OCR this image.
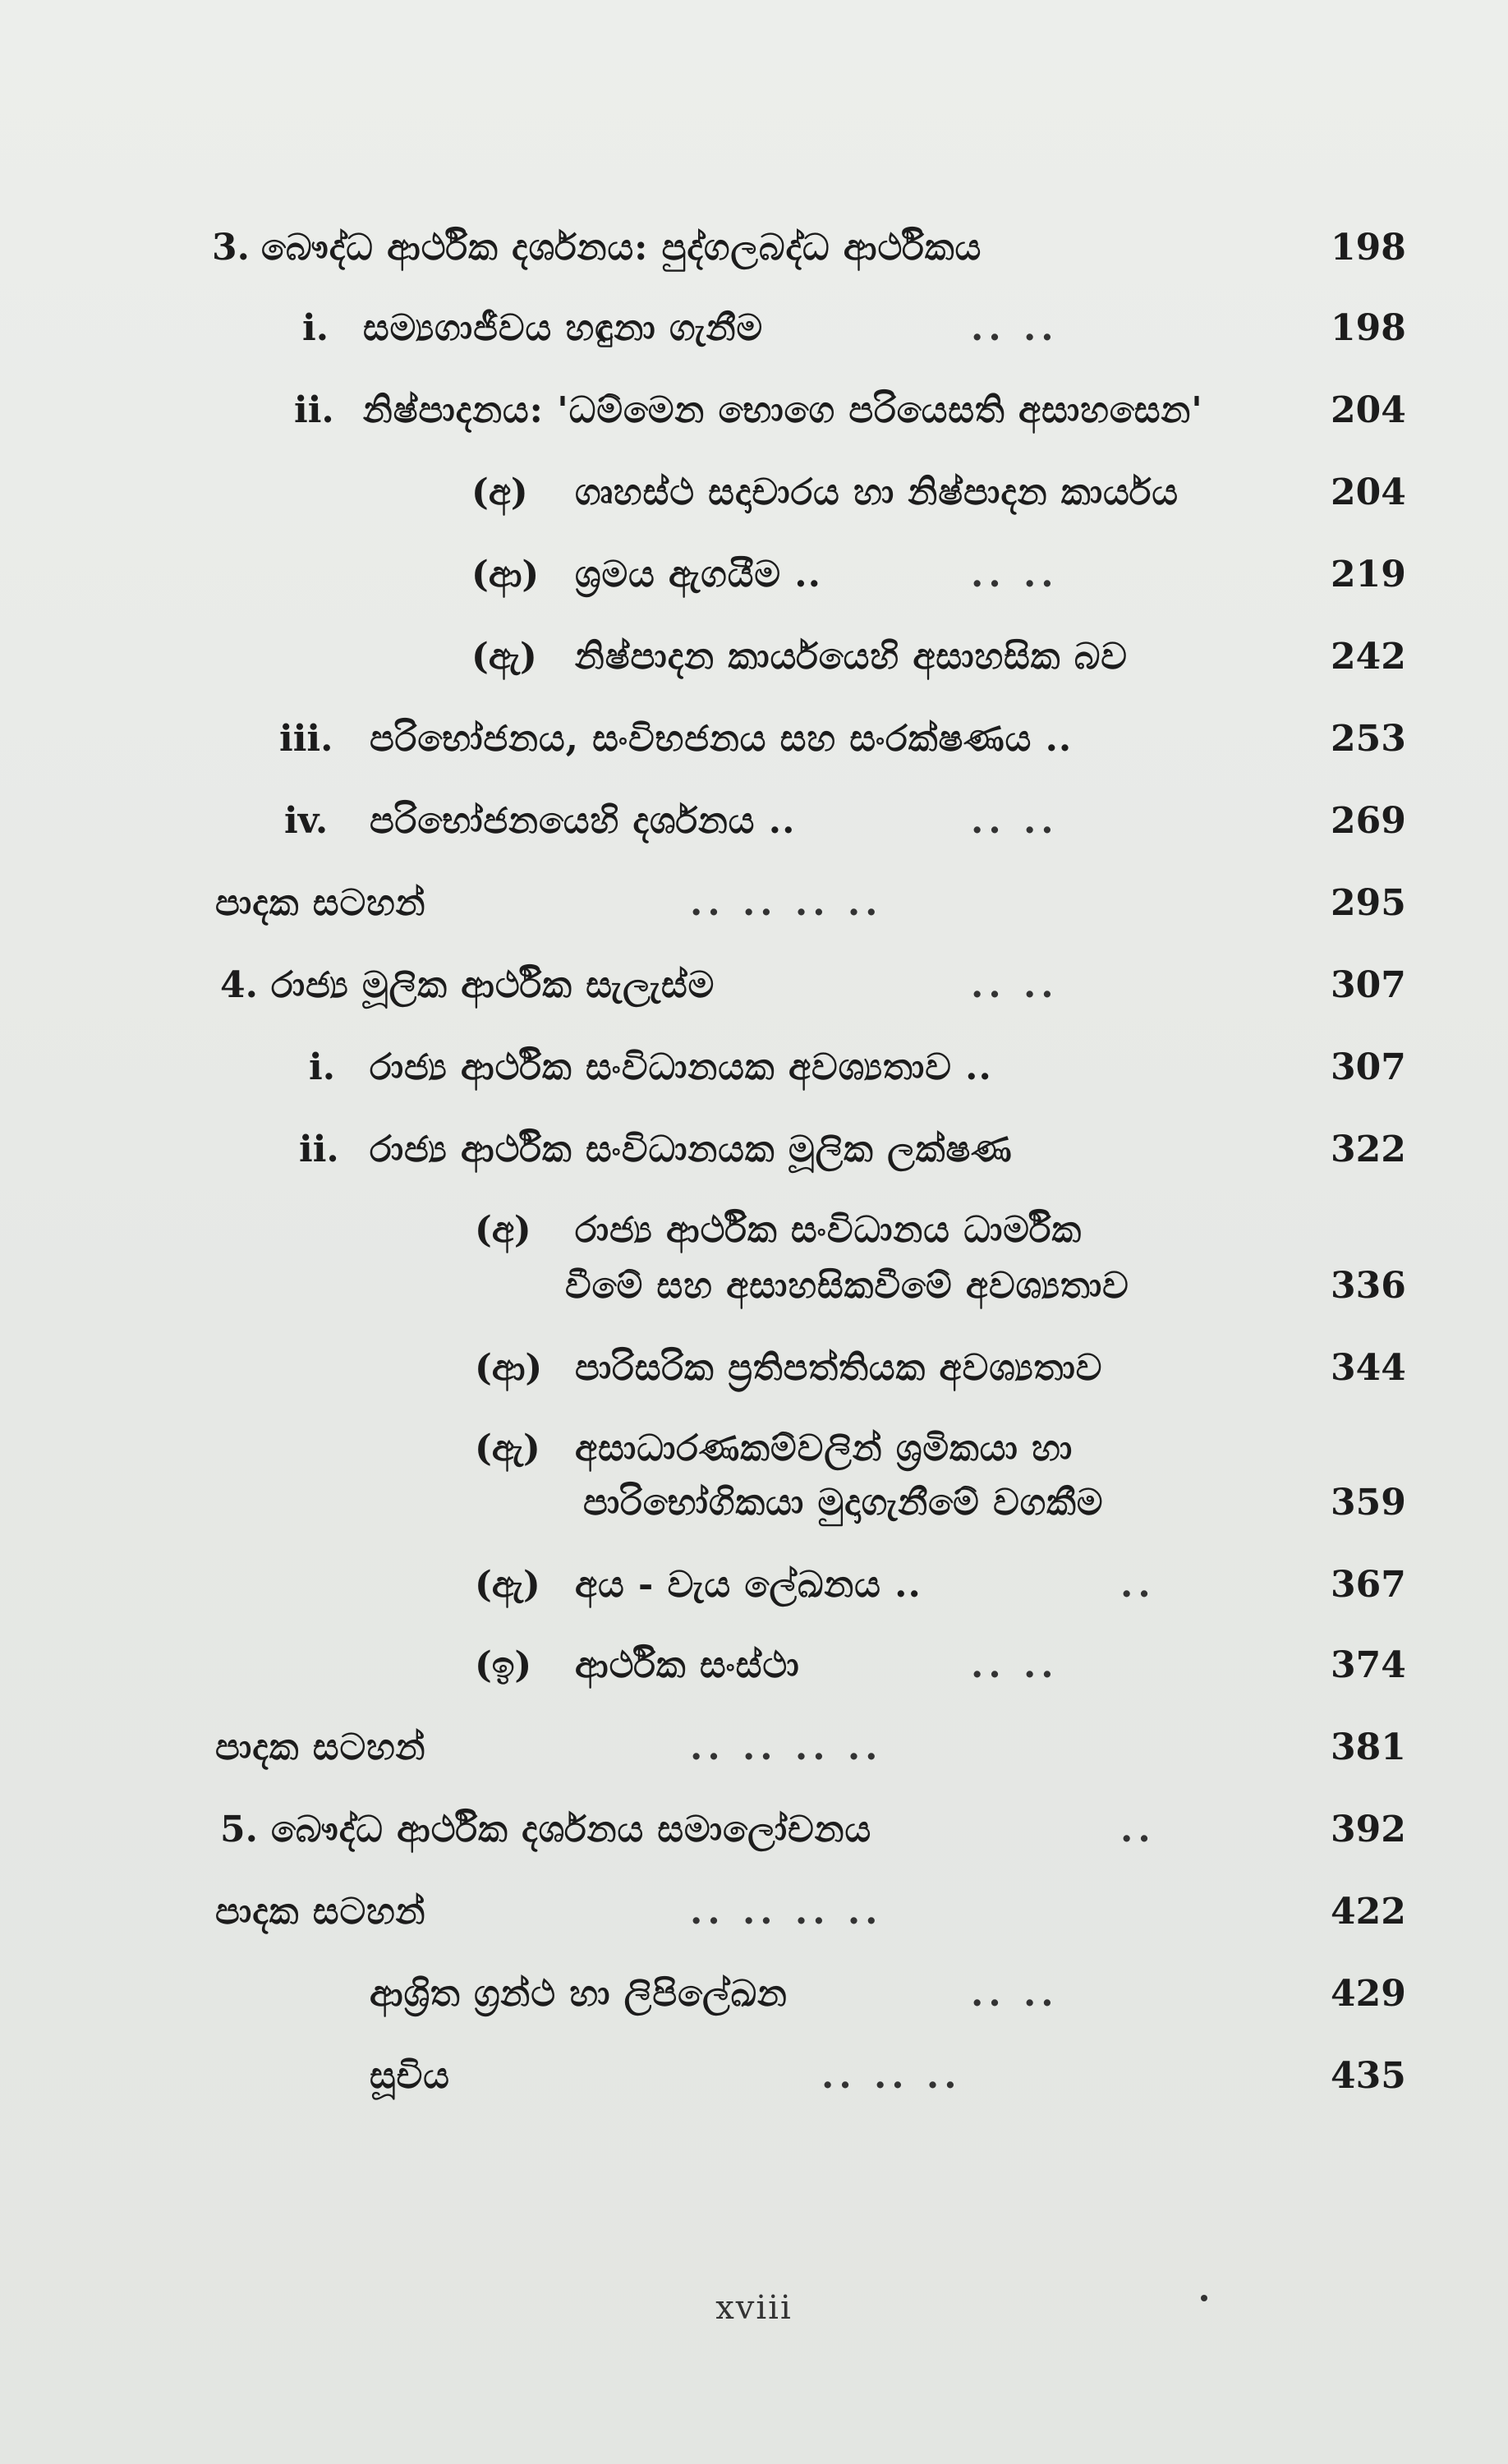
3. බෞද්ධ ආර්ථික දර්ශනය: පුද්ගලබද්ධ ආර්ථිකය	198
i. සම්‍යගාජීවය හඳුනා ගැනීම	.. ..	198
ii. නිෂ්පාදනය: 'ධම්මෙන භොගෙ පරියෙසති අසාහසෙන'	204
(අ) ගෘහස්ථ සදාචාරය හා නිෂ්පාදන කාර්යය	204
(ආ) ශ්‍රමය ඇගයීම ..	.. ..	219
(ඇ) නිෂ්පාදන කාර්යයෙහි අසාහසික බව	242
iii. පරිභෝජනය, සංවිභජනය සහ සංරක්ෂණය ..	253
iv. පරිභෝජනයෙහි දර්ශනය ..	.. ..	269
පාදක සටහන්	.. .. .. ..	295
4. රාජ්‍ය මූලික ආර්ථික සැලැස්ම	.. ..	307
i. රාජ්‍ය ආර්ථික සංවිධානයක අවශ්‍යතාව ..	307
ii. රාජ්‍ය ආර්ථික සංවිධානයක මූලික ලක්ෂණ	322
(අ) රාජ්‍ය ආර්ථික සංවිධානය ධාර්මික
වීමේ සහ අසාහසිකවීමේ අවශ්‍යතාව	336
(ආ) පාරිසරික ප්‍රතිපත්තියක අවශ්‍යතාව	344
(ඇ) අසාධාරණකම්වලින් ශ්‍රමිකයා හා
පාරිභෝගිකයා මුදාගැනීමේ වගකීම	359
(ඇ) අය - වැය ලේඛනය ..	..	367
(ඉ) ආර්ථික සංස්ථා	.. ..	374
පාදක සටහන්	.. .. .. ..	381
5. බෞද්ධ ආර්ථික දර්ශනය සමාලෝචනය	..	392
පාදක සටහන්	.. .. .. ..	422
ආශ්‍රිත ග්‍රන්ථ හා ලිපිලේඛන	.. ..	429
සූචිය	.. .. ..	435
xviii
